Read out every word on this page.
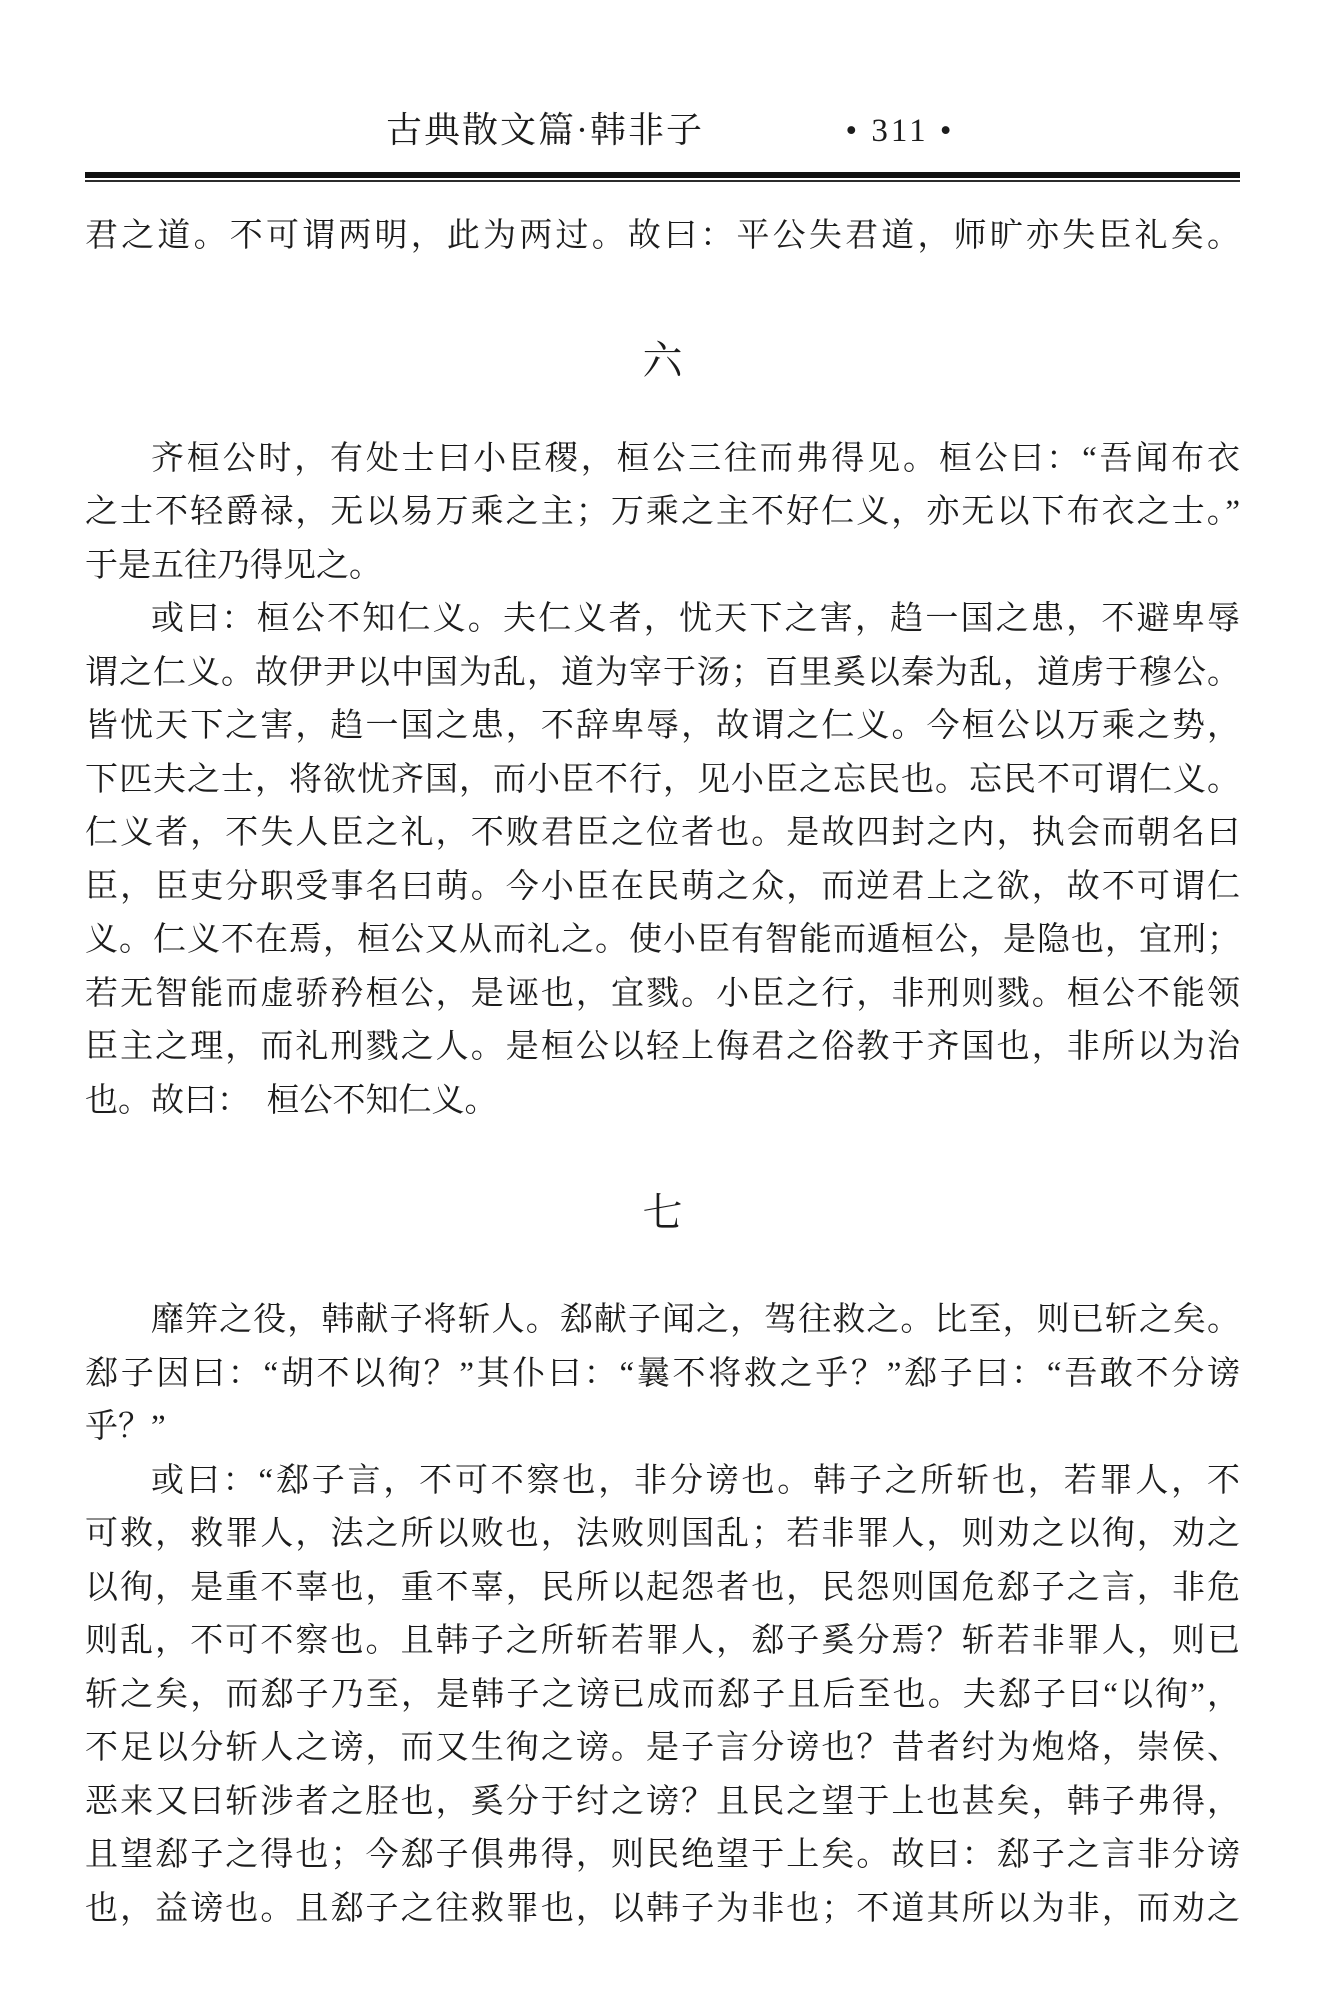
古典散文篇·韩非子	• 311 •
君之道。不可谓两明，此为两过。故曰：平公失君道，师旷亦失臣礼矣。
六
齐桓公时，有处士曰小臣稷，桓公三往而弗得见。桓公曰：“吾闻布衣
之士不轻爵禄，无以易万乘之主；万乘之主不好仁义，亦无以下布衣之士。”
于是五往乃得见之。
或曰：桓公不知仁义。夫仁义者，忧天下之害，趋一国之患，不避卑辱
谓之仁义。故伊尹以中国为乱，道为宰于汤；百里奚以秦为乱，道虏于穆公。
皆忧天下之害，趋一国之患，不辞卑辱，故谓之仁义。今桓公以万乘之势，
下匹夫之士，将欲忧齐国，而小臣不行，见小臣之忘民也。忘民不可谓仁义。
仁义者，不失人臣之礼，不败君臣之位者也。是故四封之内，执会而朝名曰
臣，臣吏分职受事名曰萌。今小臣在民萌之众，而逆君上之欲，故不可谓仁
义。仁义不在焉，桓公又从而礼之。使小臣有智能而遁桓公，是隐也，宜刑；
若无智能而虚骄矜桓公，是诬也，宜戮。小臣之行，非刑则戮。桓公不能领
臣主之理，而礼刑戮之人。是桓公以轻上侮君之俗教于齐国也，非所以为治
也。故曰：　桓公不知仁义。
七
靡笄之役，韩献子将斩人。郄献子闻之，驾往救之。比至，则已斩之矣。
郄子因曰：“胡不以徇？”其仆曰：“曩不将救之乎？”郄子曰：“吾敢不分谤
乎？”
或曰：“郄子言，不可不察也，非分谤也。韩子之所斩也，若罪人，不
可救，救罪人，法之所以败也，法败则国乱；若非罪人，则劝之以徇，劝之
以徇，是重不辜也，重不辜，民所以起怨者也，民怨则国危郄子之言，非危
则乱，不可不察也。且韩子之所斩若罪人，郄子奚分焉？斩若非罪人，则已
斩之矣，而郄子乃至，是韩子之谤已成而郄子且后至也。夫郄子曰“以徇”，
不足以分斩人之谤，而又生徇之谤。是子言分谤也？昔者纣为炮烙，崇侯、
恶来又曰斩涉者之胫也，奚分于纣之谤？且民之望于上也甚矣，韩子弗得，
且望郄子之得也；今郄子俱弗得，则民绝望于上矣。故曰：郄子之言非分谤
也，益谤也。且郄子之往救罪也，以韩子为非也；不道其所以为非，而劝之
